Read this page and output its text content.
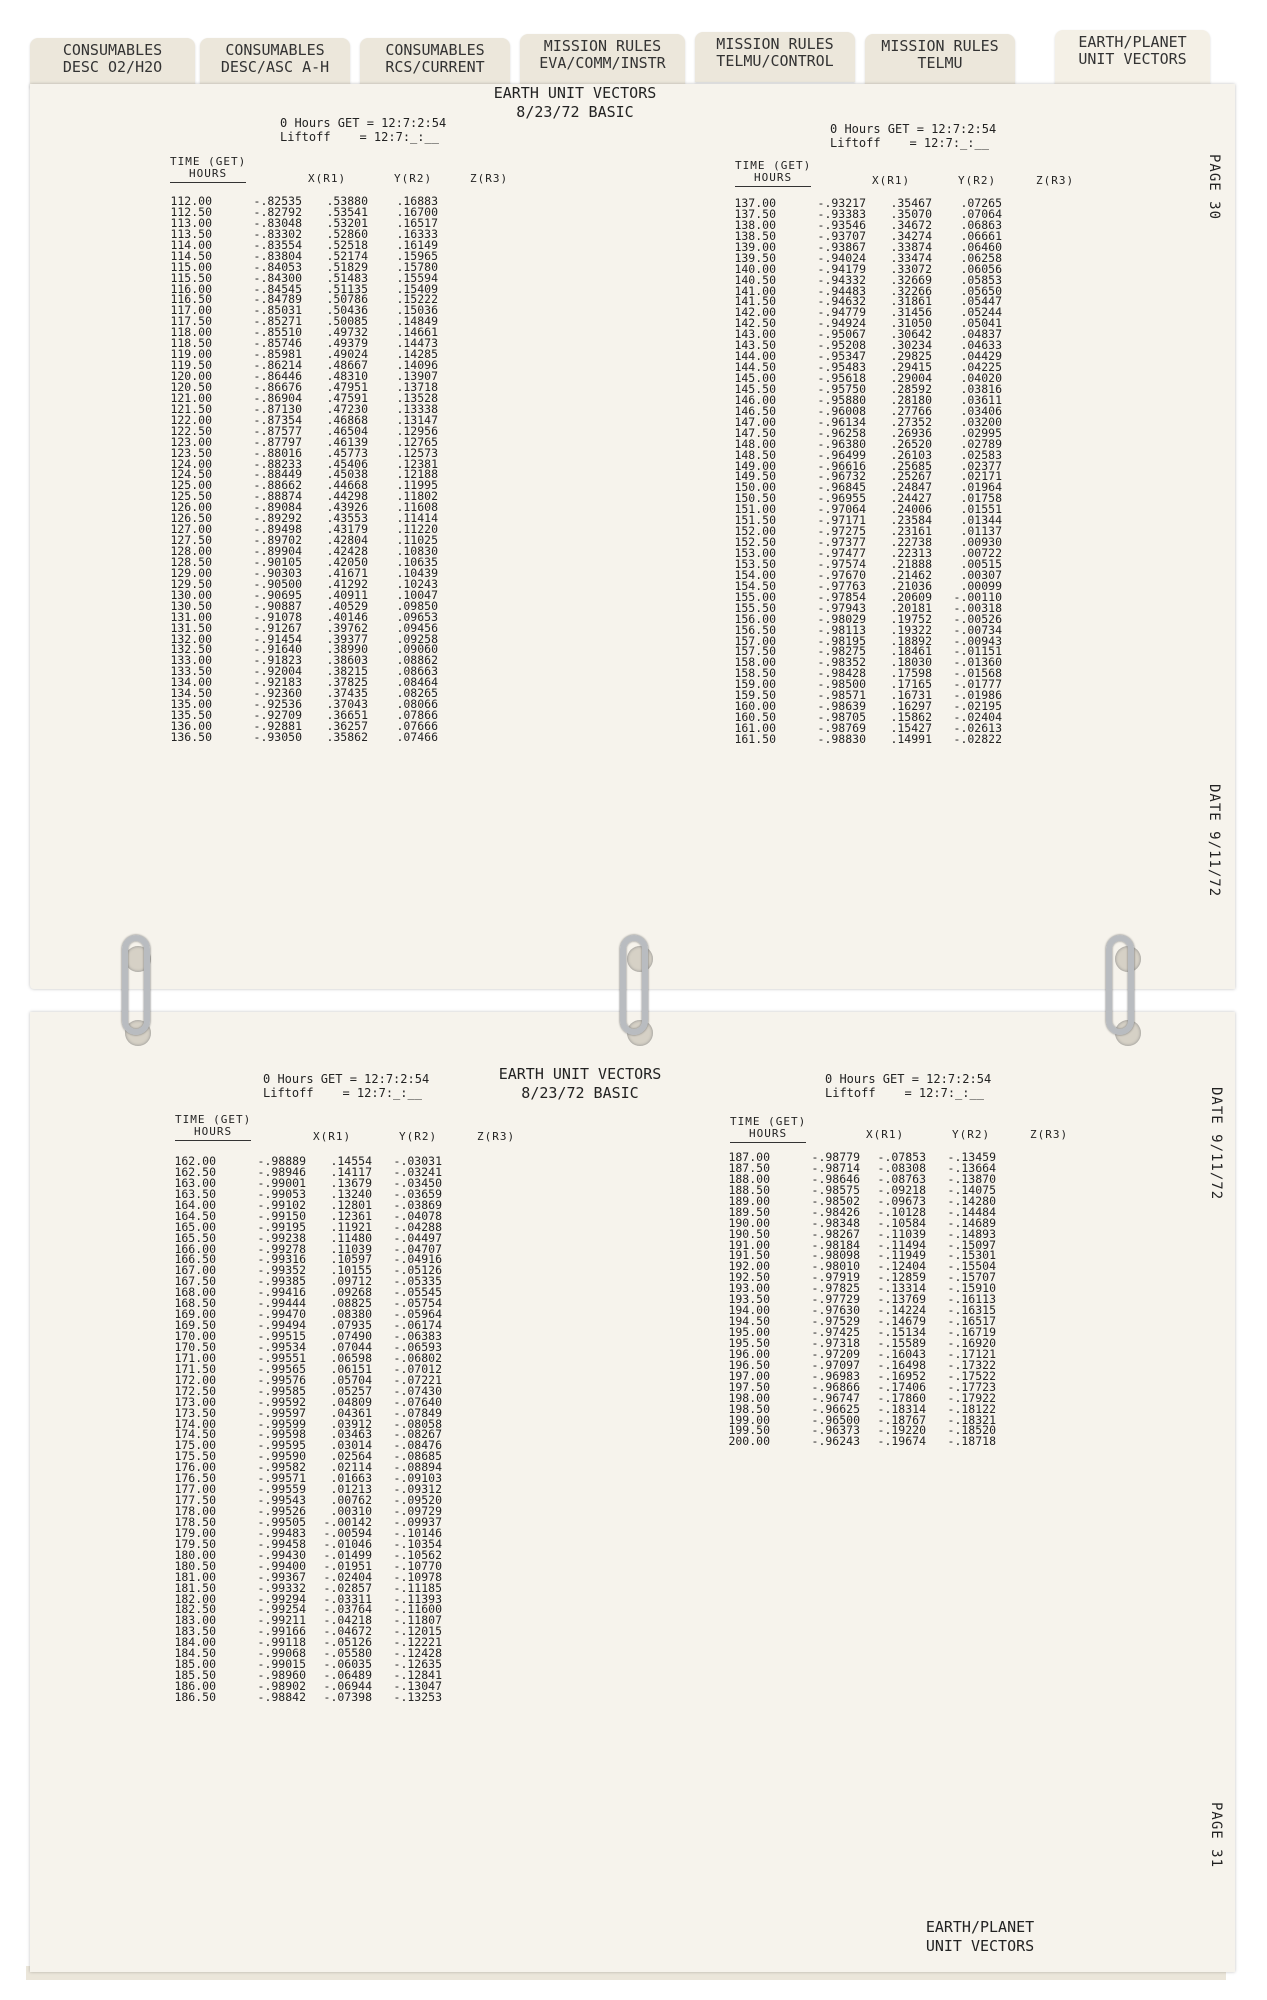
CONSUMABLES
DESC O2/H2O
CONSUMABLES
DESC/ASC A-H
CONSUMABLES
RCS/CURRENT
MISSION RULES
EVA/COMM/INSTR
MISSION RULES
TELMU/CONTROL
MISSION RULES
TELMU
EARTH/PLANET
UNIT VECTORS
EARTH UNIT VECTORS
8/23/72 BASIC
0 Hours GET = 12:7:2:54
Liftoff    = 12:7:_:__
0 Hours GET = 12:7:2:54
Liftoff    = 12:7:_:__
TIME (GET)
HOURS	X(R1)	Y(R2)	Z(R3)
112.00	-.82535	.53880	.16883
112.50	-.82792	.53541	.16700
113.00	-.83048	.53201	.16517
113.50	-.83302	.52860	.16333
114.00	-.83554	.52518	.16149
114.50	-.83804	.52174	.15965
115.00	-.84053	.51829	.15780
115.50	-.84300	.51483	.15594
116.00	-.84545	.51135	.15409
116.50	-.84789	.50786	.15222
117.00	-.85031	.50436	.15036
117.50	-.85271	.50085	.14849
118.00	-.85510	.49732	.14661
118.50	-.85746	.49379	.14473
119.00	-.85981	.49024	.14285
119.50	-.86214	.48667	.14096
120.00	-.86446	.48310	.13907
120.50	-.86676	.47951	.13718
121.00	-.86904	.47591	.13528
121.50	-.87130	.47230	.13338
122.00	-.87354	.46868	.13147
122.50	-.87577	.46504	.12956
123.00	-.87797	.46139	.12765
123.50	-.88016	.45773	.12573
124.00	-.88233	.45406	.12381
124.50	-.88449	.45038	.12188
125.00	-.88662	.44668	.11995
125.50	-.88874	.44298	.11802
126.00	-.89084	.43926	.11608
126.50	-.89292	.43553	.11414
127.00	-.89498	.43179	.11220
127.50	-.89702	.42804	.11025
128.00	-.89904	.42428	.10830
128.50	-.90105	.42050	.10635
129.00	-.90303	.41671	.10439
129.50	-.90500	.41292	.10243
130.00	-.90695	.40911	.10047
130.50	-.90887	.40529	.09850
131.00	-.91078	.40146	.09653
131.50	-.91267	.39762	.09456
132.00	-.91454	.39377	.09258
132.50	-.91640	.38990	.09060
133.00	-.91823	.38603	.08862
133.50	-.92004	.38215	.08663
134.00	-.92183	.37825	.08464
134.50	-.92360	.37435	.08265
135.00	-.92536	.37043	.08066
135.50	-.92709	.36651	.07866
136.00	-.92881	.36257	.07666
136.50	-.93050	.35862	.07466
TIME (GET)
HOURS	X(R1)	Y(R2)	Z(R3)
137.00	-.93217	.35467	.07265
137.50	-.93383	.35070	.07064
138.00	-.93546	.34672	.06863
138.50	-.93707	.34274	.06661
139.00	-.93867	.33874	.06460
139.50	-.94024	.33474	.06258
140.00	-.94179	.33072	.06056
140.50	-.94332	.32669	.05853
141.00	-.94483	.32266	.05650
141.50	-.94632	.31861	.05447
142.00	-.94779	.31456	.05244
142.50	-.94924	.31050	.05041
143.00	-.95067	.30642	.04837
143.50	-.95208	.30234	.04633
144.00	-.95347	.29825	.04429
144.50	-.95483	.29415	.04225
145.00	-.95618	.29004	.04020
145.50	-.95750	.28592	.03816
146.00	-.95880	.28180	.03611
146.50	-.96008	.27766	.03406
147.00	-.96134	.27352	.03200
147.50	-.96258	.26936	.02995
148.00	-.96380	.26520	.02789
148.50	-.96499	.26103	.02583
149.00	-.96616	.25685	.02377
149.50	-.96732	.25267	.02171
150.00	-.96845	.24847	.01964
150.50	-.96955	.24427	.01758
151.00	-.97064	.24006	.01551
151.50	-.97171	.23584	.01344
152.00	-.97275	.23161	.01137
152.50	-.97377	.22738	.00930
153.00	-.97477	.22313	.00722
153.50	-.97574	.21888	.00515
154.00	-.97670	.21462	.00307
154.50	-.97763	.21036	.00099
155.00	-.97854	.20609	-.00110
155.50	-.97943	.20181	-.00318
156.00	-.98029	.19752	-.00526
156.50	-.98113	.19322	-.00734
157.00	-.98195	.18892	-.00943
157.50	-.98275	.18461	-.01151
158.00	-.98352	.18030	-.01360
158.50	-.98428	.17598	-.01568
159.00	-.98500	.17165	-.01777
159.50	-.98571	.16731	-.01986
160.00	-.98639	.16297	-.02195
160.50	-.98705	.15862	-.02404
161.00	-.98769	.15427	-.02613
161.50	-.98830	.14991	-.02822
PAGE 30
DATE 9/11/72
EARTH UNIT VECTORS
8/23/72 BASIC
0 Hours GET = 12:7:2:54
Liftoff    = 12:7:_:__
0 Hours GET = 12:7:2:54
Liftoff    = 12:7:_:__
TIME (GET)
HOURS	X(R1)	Y(R2)	Z(R3)
162.00	-.98889	.14554	-.03031
162.50	-.98946	.14117	-.03241
163.00	-.99001	.13679	-.03450
163.50	-.99053	.13240	-.03659
164.00	-.99102	.12801	-.03869
164.50	-.99150	.12361	-.04078
165.00	-.99195	.11921	-.04288
165.50	-.99238	.11480	-.04497
166.00	-.99278	.11039	-.04707
166.50	-.99316	.10597	-.04916
167.00	-.99352	.10155	-.05126
167.50	-.99385	.09712	-.05335
168.00	-.99416	.09268	-.05545
168.50	-.99444	.08825	-.05754
169.00	-.99470	.08380	-.05964
169.50	-.99494	.07935	-.06174
170.00	-.99515	.07490	-.06383
170.50	-.99534	.07044	-.06593
171.00	-.99551	.06598	-.06802
171.50	-.99565	.06151	-.07012
172.00	-.99576	.05704	-.07221
172.50	-.99585	.05257	-.07430
173.00	-.99592	.04809	-.07640
173.50	-.99597	.04361	-.07849
174.00	-.99599	.03912	-.08058
174.50	-.99598	.03463	-.08267
175.00	-.99595	.03014	-.08476
175.50	-.99590	.02564	-.08685
176.00	-.99582	.02114	-.08894
176.50	-.99571	.01663	-.09103
177.00	-.99559	.01213	-.09312
177.50	-.99543	.00762	-.09520
178.00	-.99526	.00310	-.09729
178.50	-.99505	-.00142	-.09937
179.00	-.99483	-.00594	-.10146
179.50	-.99458	-.01046	-.10354
180.00	-.99430	-.01499	-.10562
180.50	-.99400	-.01951	-.10770
181.00	-.99367	-.02404	-.10978
181.50	-.99332	-.02857	-.11185
182.00	-.99294	-.03311	-.11393
182.50	-.99254	-.03764	-.11600
183.00	-.99211	-.04218	-.11807
183.50	-.99166	-.04672	-.12015
184.00	-.99118	-.05126	-.12221
184.50	-.99068	-.05580	-.12428
185.00	-.99015	-.06035	-.12635
185.50	-.98960	-.06489	-.12841
186.00	-.98902	-.06944	-.13047
186.50	-.98842	-.07398	-.13253
TIME (GET)
HOURS	X(R1)	Y(R2)	Z(R3)
187.00	-.98779	-.07853	-.13459
187.50	-.98714	-.08308	-.13664
188.00	-.98646	-.08763	-.13870
188.50	-.98575	-.09218	-.14075
189.00	-.98502	-.09673	-.14280
189.50	-.98426	-.10128	-.14484
190.00	-.98348	-.10584	-.14689
190.50	-.98267	-.11039	-.14893
191.00	-.98184	-.11494	-.15097
191.50	-.98098	-.11949	-.15301
192.00	-.98010	-.12404	-.15504
192.50	-.97919	-.12859	-.15707
193.00	-.97825	-.13314	-.15910
193.50	-.97729	-.13769	-.16113
194.00	-.97630	-.14224	-.16315
194.50	-.97529	-.14679	-.16517
195.00	-.97425	-.15134	-.16719
195.50	-.97318	-.15589	-.16920
196.00	-.97209	-.16043	-.17121
196.50	-.97097	-.16498	-.17322
197.00	-.96983	-.16952	-.17522
197.50	-.96866	-.17406	-.17723
198.00	-.96747	-.17860	-.17922
198.50	-.96625	-.18314	-.18122
199.00	-.96500	-.18767	-.18321
199.50	-.96373	-.19220	-.18520
200.00	-.96243	-.19674	-.18718
DATE 9/11/72
PAGE 31
EARTH/PLANET
UNIT VECTORS
